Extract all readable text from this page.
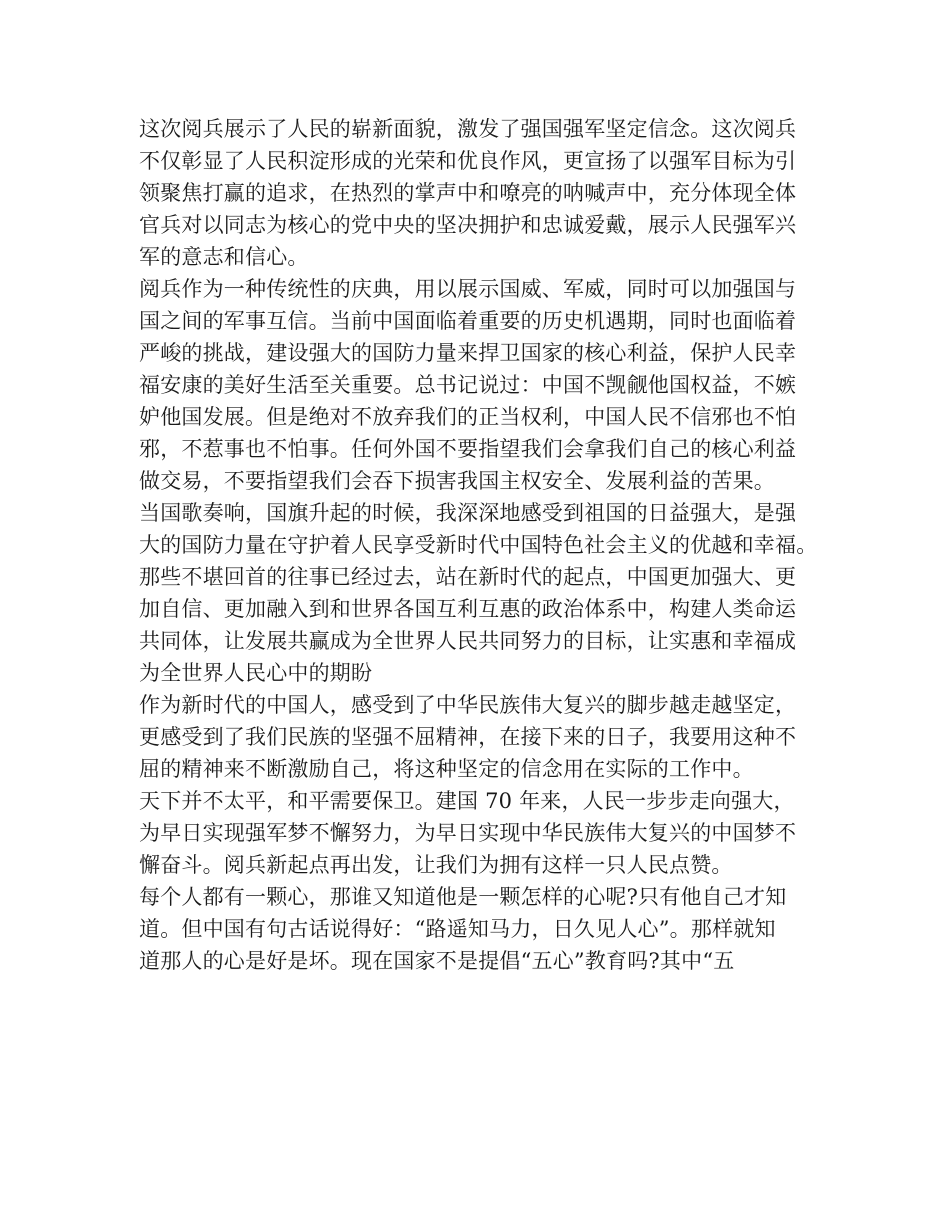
这次阅兵展示了人民的崭新面貌，激发了强国强军坚定信念。这次阅兵
不仅彰显了人民积淀形成的光荣和优良作风，更宣扬了以强军目标为引
领聚焦打赢的追求，在热烈的掌声中和嘹亮的呐喊声中，充分体现全体
官兵对以同志为核心的党中央的坚决拥护和忠诚爱戴，展示人民强军兴
军的意志和信心。
阅兵作为一种传统性的庆典，用以展示国威、军威，同时可以加强国与
国之间的军事互信。当前中国面临着重要的历史机遇期，同时也面临着
严峻的挑战，建设强大的国防力量来捍卫国家的核心利益，保护人民幸
福安康的美好生活至关重要。总书记说过：中国不觊觎他国权益，不嫉
妒他国发展。但是绝对不放弃我们的正当权利，中国人民不信邪也不怕
邪，不惹事也不怕事。任何外国不要指望我们会拿我们自己的核心利益
做交易，不要指望我们会吞下损害我国主权安全、发展利益的苦果。
当国歌奏响，国旗升起的时候，我深深地感受到祖国的日益强大，是强
大的国防力量在守护着人民享受新时代中国特色社会主义的优越和幸福。
那些不堪回首的往事已经过去，站在新时代的起点，中国更加强大、更
加自信、更加融入到和世界各国互利互惠的政治体系中，构建人类命运
共同体，让发展共赢成为全世界人民共同努力的目标，让实惠和幸福成
为全世界人民心中的期盼
作为新时代的中国人，感受到了中华民族伟大复兴的脚步越走越坚定，
更感受到了我们民族的坚强不屈精神，在接下来的日子，我要用这种不
屈的精神来不断激励自己，将这种坚定的信念用在实际的工作中。
天下并不太平，和平需要保卫。建国 70 年来，人民一步步走向强大，
为早日实现强军梦不懈努力，为早日实现中华民族伟大复兴的中国梦不
懈奋斗。阅兵新起点再出发，让我们为拥有这样一只人民点赞。
每个人都有一颗心，那谁又知道他是一颗怎样的心呢?只有他自己才知
道。但中国有句古话说得好：“路遥知马力，日久见人心”。那样就知
道那人的心是好是坏。现在国家不是提倡“五心”教育吗?其中“五
